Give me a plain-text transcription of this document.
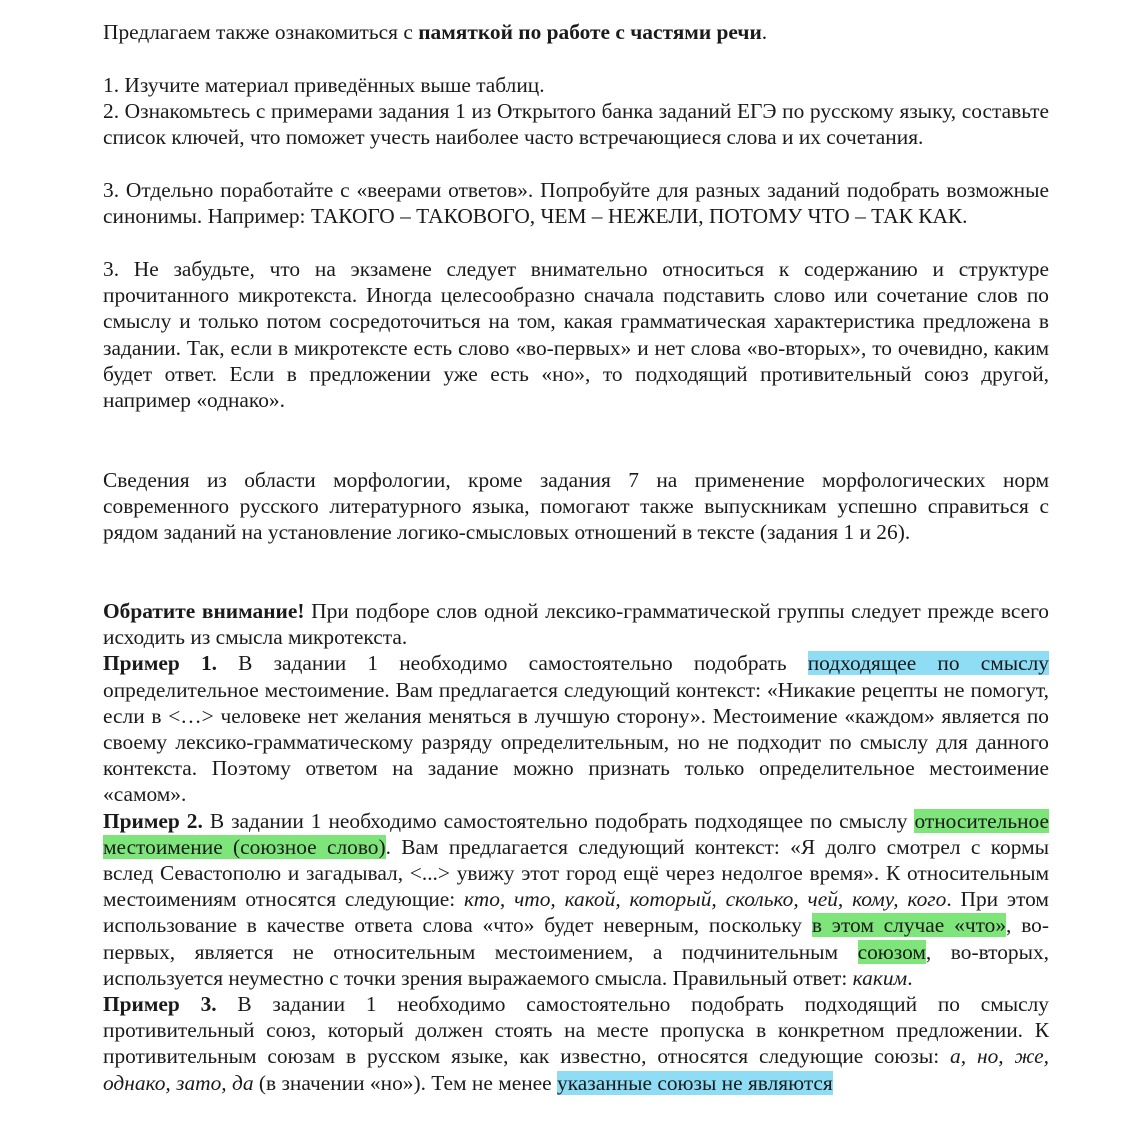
Предлагаем также ознакомиться с памяткой по работе с частями речи.

1. Изучите материал приведённых выше таблиц.

2. Ознакомьтесь с примерами задания 1 из Открытого банка заданий ЕГЭ по русскому языку, составьте список ключей, что поможет учесть наиболее часто встречающиеся слова и их сочетания.

3. Отдельно поработайте с «веерами ответов». Попробуйте для разных заданий подобрать возможные синонимы. Например: ТАКОГО – ТАКОВОГО, ЧЕМ – НЕЖЕЛИ, ПОТОМУ ЧТО – ТАК КАК.

3. Не забудьте, что на экзамене следует внимательно относиться к содержанию и структуре прочитанного микротекста. Иногда целесообразно сначала подставить слово или сочетание слов по смыслу и только потом сосредоточиться на том, какая грамматическая характеристика предложена в задании. Так, если в микротексте есть слово «во-первых» и нет слова «во-вторых», то очевидно, каким будет ответ. Если в предложении уже есть «но», то подходящий противительный союз другой, например «однако».

Сведения из области морфологии, кроме задания 7 на применение морфологических норм современного русского литературного языка, помогают также выпускникам успешно справиться с рядом заданий на установление логико-смысловых отношений в тексте (задания 1 и 26).

Обратите внимание! При подборе слов одной лексико-грамматической группы следует прежде всего исходить из смысла микротекста.

Пример 1. В задании 1 необходимо самостоятельно подобрать подходящее по смыслу определительное местоимение. Вам предлагается следующий контекст: «Никакие рецепты не помогут, если в <…> человеке нет желания меняться в лучшую сторону». Местоимение «каждом» является по своему лексико-грамматическому разряду определительным, но не подходит по смыслу для данного контекста. Поэтому ответом на задание можно признать только определительное местоимение «самом».

Пример 2. В задании 1 необходимо самостоятельно подобрать подходящее по смыслу относительное местоимение (союзное слово). Вам предлагается следующий контекст: «Я долго смотрел с кормы вслед Севастополю и загадывал, <...> увижу этот город ещё через недолгое время». К относительным местоимениям относятся следующие: кто, что, какой, который, сколько, чей, кому, кого. При этом использование в качестве ответа слова «что» будет неверным, поскольку в этом случае «что», во-первых, является не относительным местоимением, а подчинительным союзом, во-вторых, используется неуместно с точки зрения выражаемого смысла. Правильный ответ: каким.

Пример 3. В задании 1 необходимо самостоятельно подобрать подходящий по смыслу противительный союз, который должен стоять на месте пропуска в конкретном предложении. К противительным союзам в русском языке, как известно, относятся следующие союзы: а, но, же, однако, зато, да (в значении «но»). Тем не менее указанные союзы не являются
